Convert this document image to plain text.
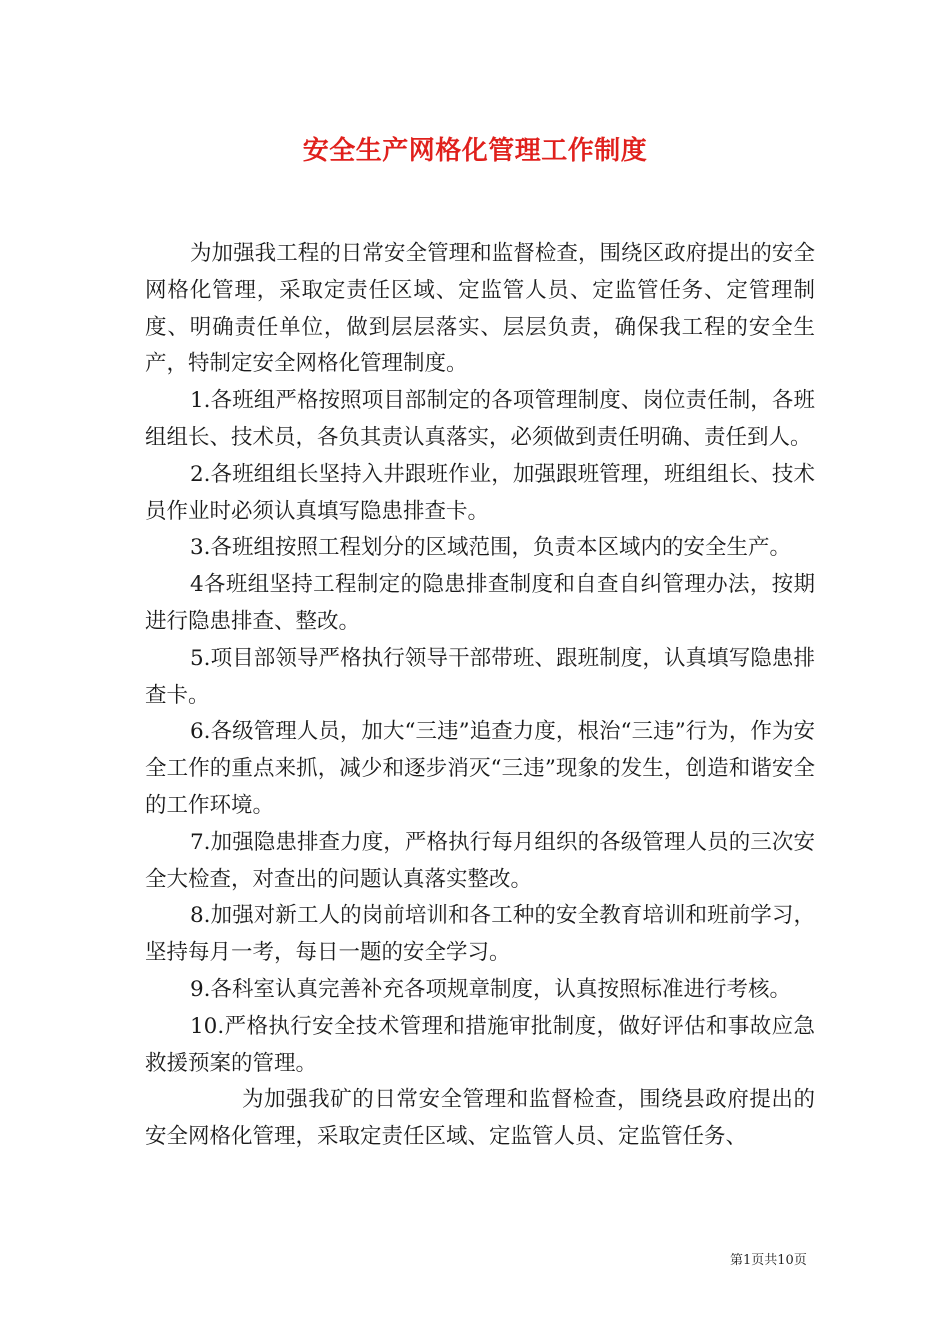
安全生产网格化管理工作制度

为加强我工程的日常安全管理和监督检查，围绕区政府提出的安全网格化管理，采取定责任区域、定监管人员、定监管任务、定管理制度、明确责任单位，做到层层落实、层层负责，确保我工程的安全生产，特制定安全网格化管理制度。

1.各班组严格按照项目部制定的各项管理制度、岗位责任制，各班组组长、技术员，各负其责认真落实，必须做到责任明确、责任到人。

2.各班组组长坚持入井跟班作业，加强跟班管理，班组组长、技术员作业时必须认真填写隐患排查卡。

3.各班组按照工程划分的区域范围，负责本区域内的安全生产。

4各班组坚持工程制定的隐患排查制度和自查自纠管理办法，按期进行隐患排查、整改。

5.项目部领导严格执行领导干部带班、跟班制度，认真填写隐患排查卡。

6.各级管理人员，加大“三违”追查力度，根治“三违”行为，作为安全工作的重点来抓，减少和逐步消灭“三违”现象的发生，创造和谐安全的工作环境。

7.加强隐患排查力度，严格执行每月组织的各级管理人员的三次安全大检查，对查出的问题认真落实整改。

8.加强对新工人的岗前培训和各工种的安全教育培训和班前学习，坚持每月一考，每日一题的安全学习。

9.各科室认真完善补充各项规章制度，认真按照标准进行考核。

10.严格执行安全技术管理和措施审批制度，做好评估和事故应急救援预案的管理。

为加强我矿的日常安全管理和监督检查，围绕县政府提出的安全网格化管理，采取定责任区域、定监管人员、定监管任务、

第1页共10页
